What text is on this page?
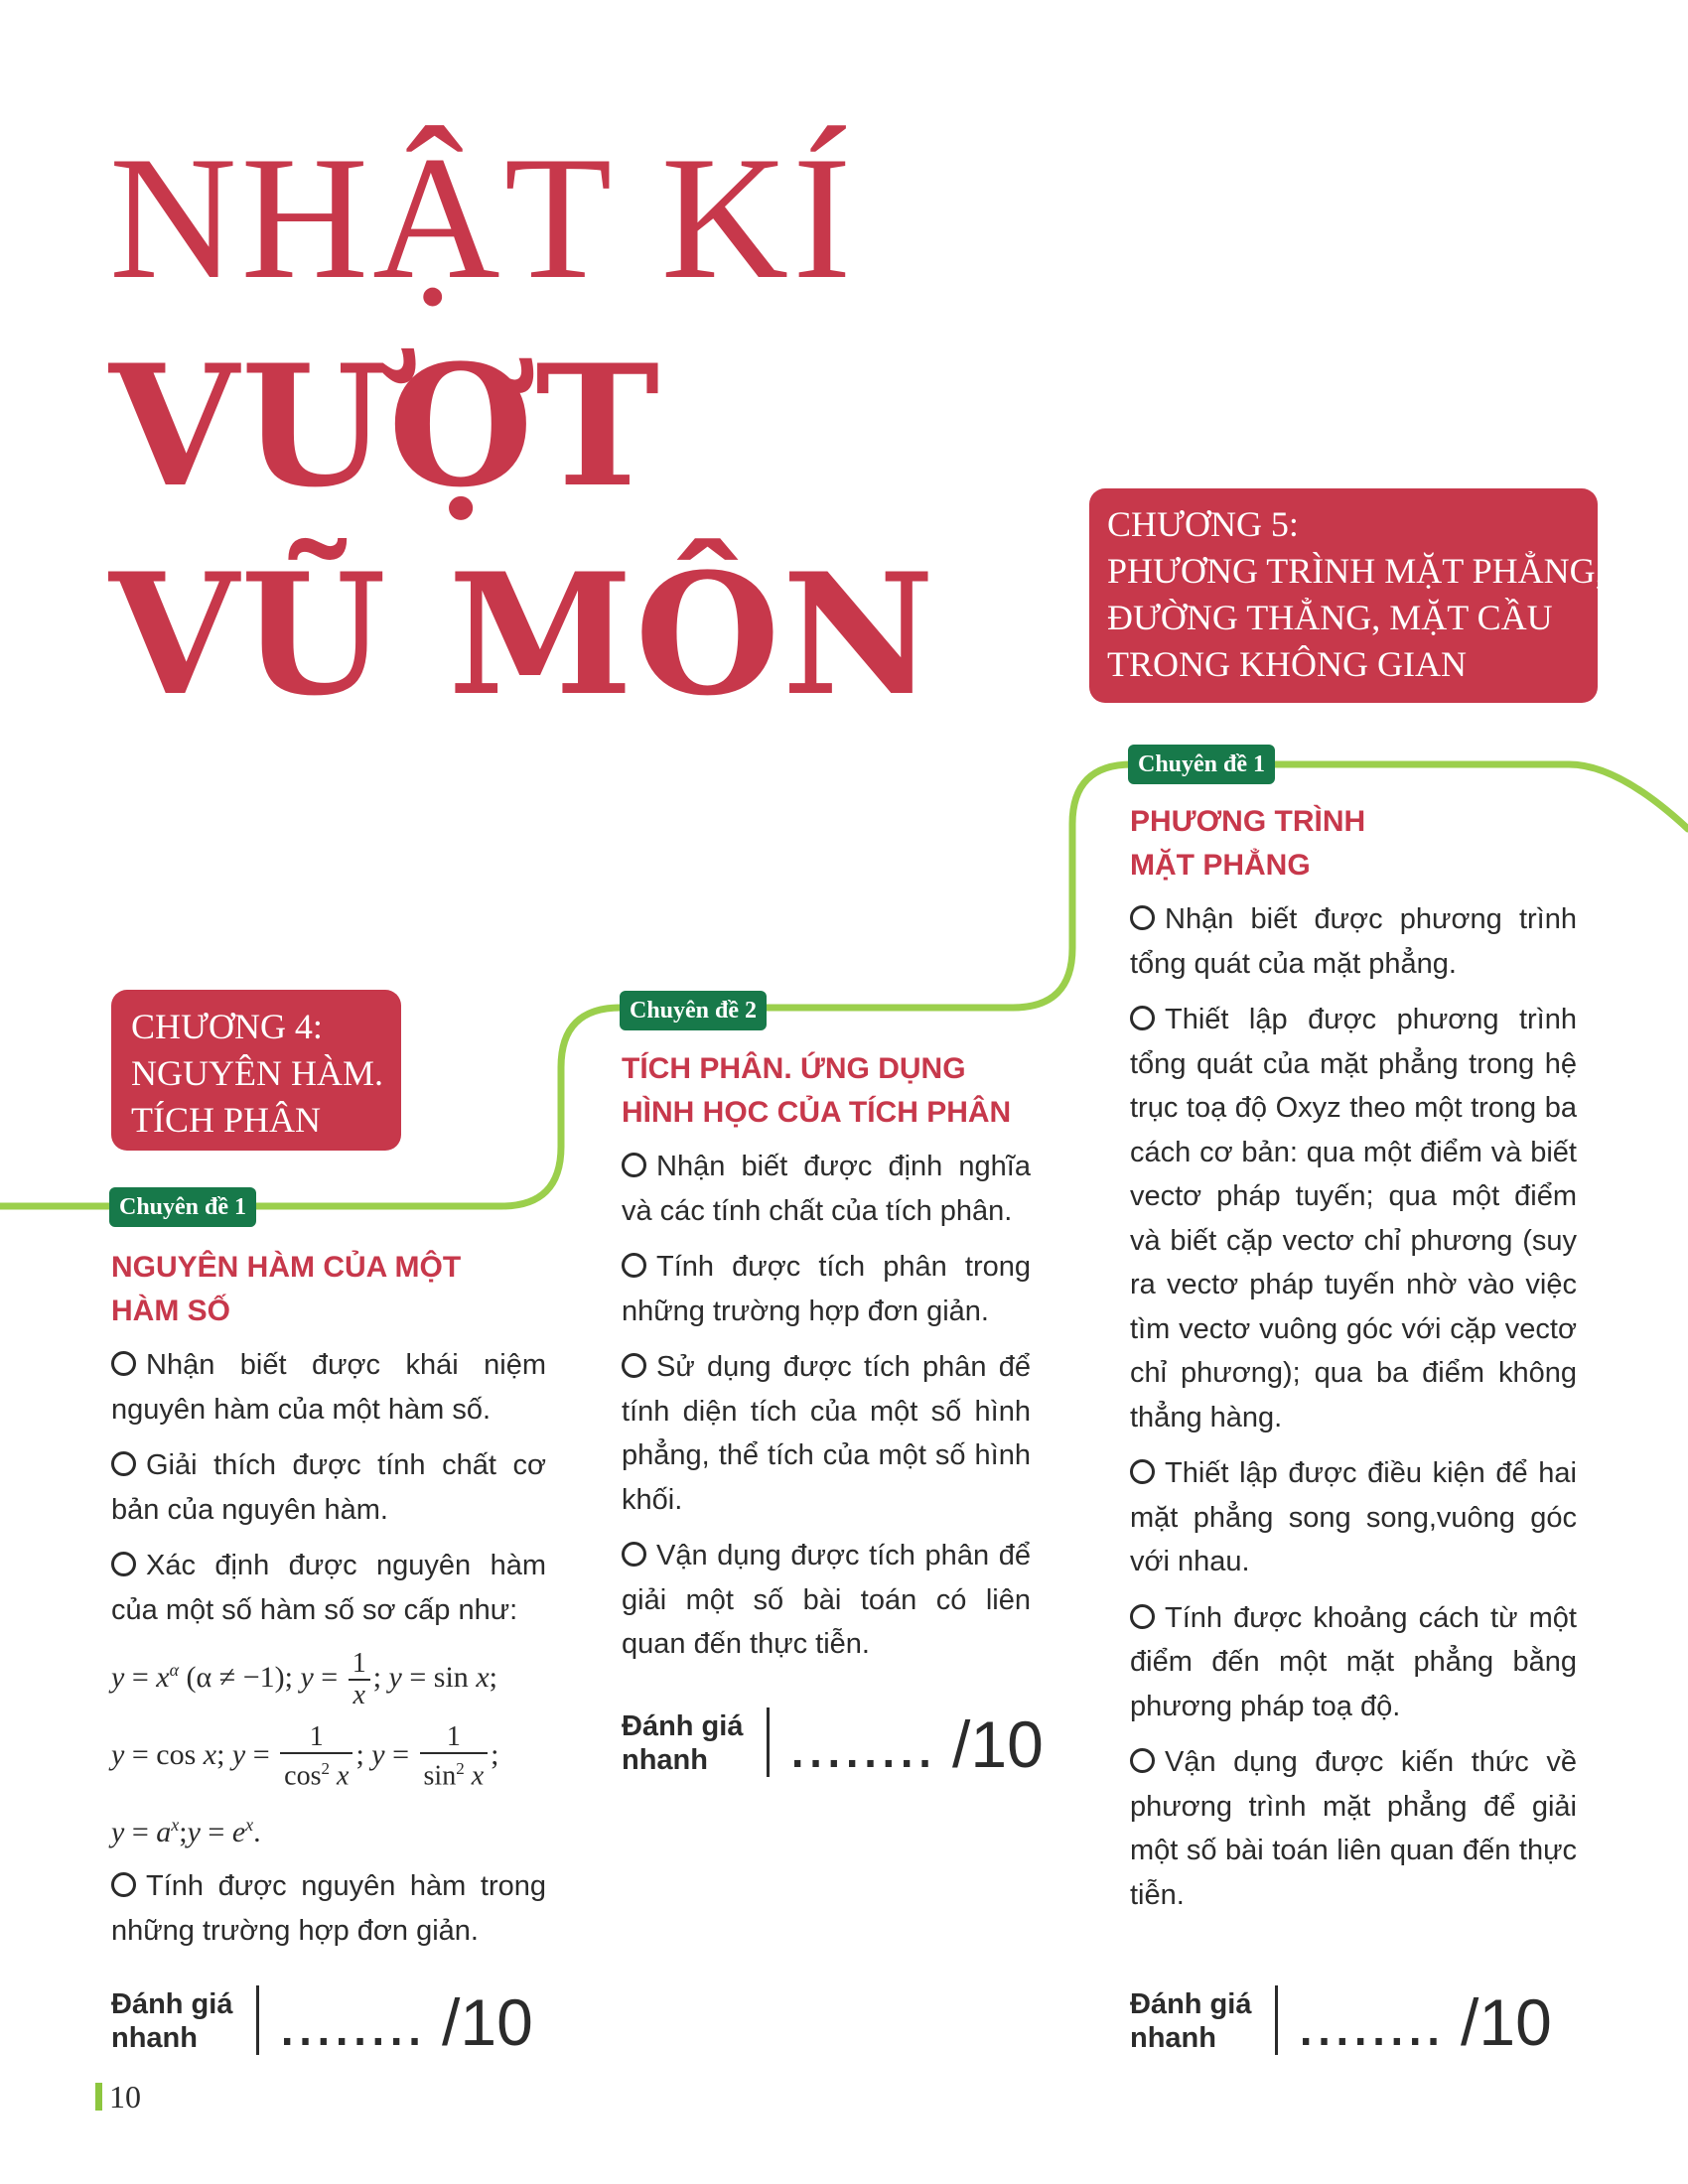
NHẬT KÍ
VƯỢT
VŨ MÔN
CHƯƠNG 4:
NGUYÊN HÀM.
TÍCH PHÂN
CHƯƠNG 5:
PHƯƠNG TRÌNH MẶT PHẲNG,
ĐƯỜNG THẲNG, MẶT CẦU
TRONG KHÔNG GIAN
Chuyên đề 1
Chuyên đề 2
Chuyên đề 1
NGUYÊN HÀM CỦA MỘT
HÀM SỐ
Nhận biết được khái niệm nguyên hàm của một hàm số.
Giải thích được tính chất cơ bản của nguyên hàm.
Xác định được nguyên hàm của một số hàm số sơ cấp như:
$y = x^\alpha$ (α ≠ −1); $y = \frac{1}{x}$ ; y = sin x;
y = cos x; $y = \frac{1}{\cos^2 x}$ ; $y = \frac{1}{\sin^2 x}$ ;
$y = a^x;y = e^x$.
Tính được nguyên hàm trong những trường hợp đơn giản.
Đánh giá
nhanh	........ /10
TÍCH PHÂN. ỨNG DỤNG
HÌNH HỌC CỦA TÍCH PHÂN
Nhận biết được định nghĩa và các tính chất của tích phân.
Tính được tích phân trong những trường hợp đơn giản.
Sử dụng được tích phân để tính diện tích của một số hình phẳng, thể tích của một số hình khối.
Vận dụng được tích phân để giải một số bài toán có liên quan đến thực tiễn.
Đánh giá
nhanh	........ /10
PHƯƠNG TRÌNH
MẶT PHẲNG
Nhận biết được phương trình tổng quát của mặt phẳng.
Thiết lập được phương trình tổng quát của mặt phẳng trong hệ trục toạ độ Oxyz theo một trong ba cách cơ bản: qua một điểm và biết vectơ pháp tuyến; qua một điểm và biết cặp vectơ chỉ phương (suy ra vectơ pháp tuyến nhờ vào việc tìm vectơ vuông góc với cặp vectơ chỉ phương); qua ba điểm không thẳng hàng.
Thiết lập được điều kiện để hai mặt phẳng song song,vuông góc với nhau.
Tính được khoảng cách từ một điểm đến một mặt phẳng bằng phương pháp toạ độ.
Vận dụng được kiến thức về phương trình mặt phẳng để giải một số bài toán liên quan đến thực tiễn.
Đánh giá
nhanh	........ /10
10
